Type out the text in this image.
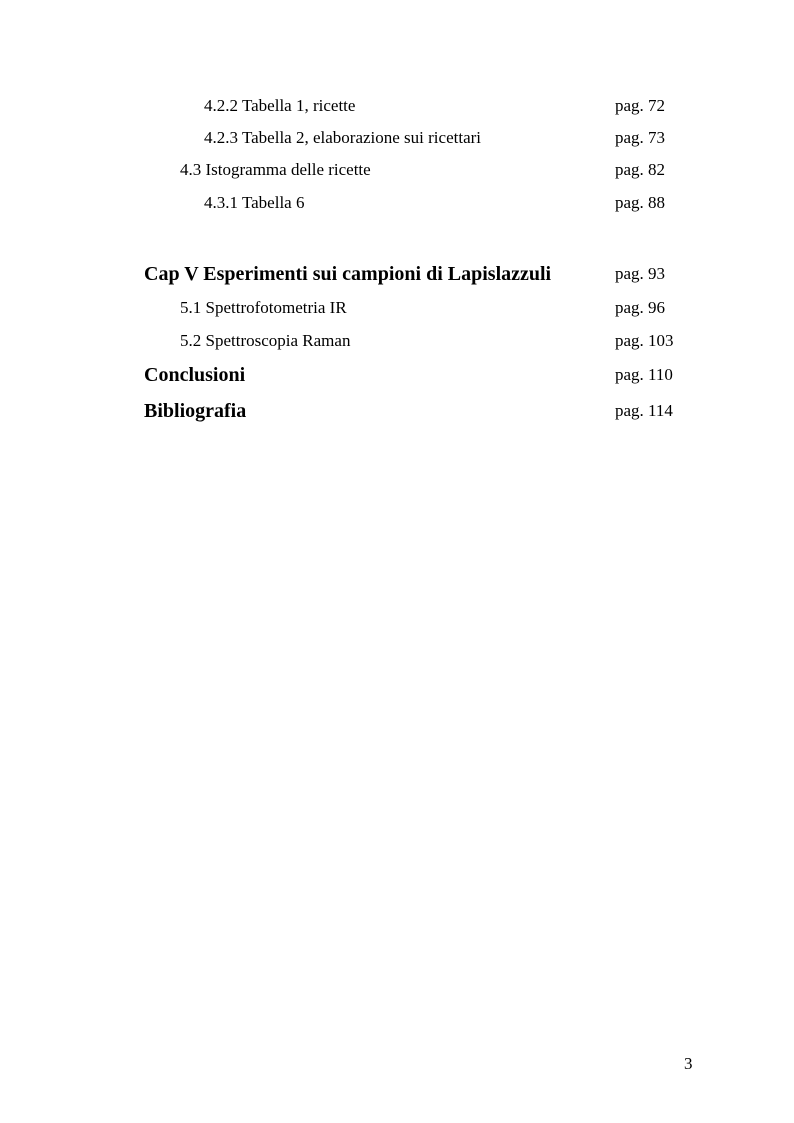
4.2.2 Tabella 1, ricette	pag. 72
4.2.3 Tabella 2, elaborazione sui ricettari	pag. 73
4.3 Istogramma delle ricette	pag. 82
4.3.1 Tabella 6	pag. 88
Cap V Esperimenti sui campioni di Lapislazzuli	pag. 93
5.1 Spettrofotometria IR	pag. 96
5.2 Spettroscopia Raman	pag. 103
Conclusioni	pag. 110
Bibliografia	pag. 114
3
